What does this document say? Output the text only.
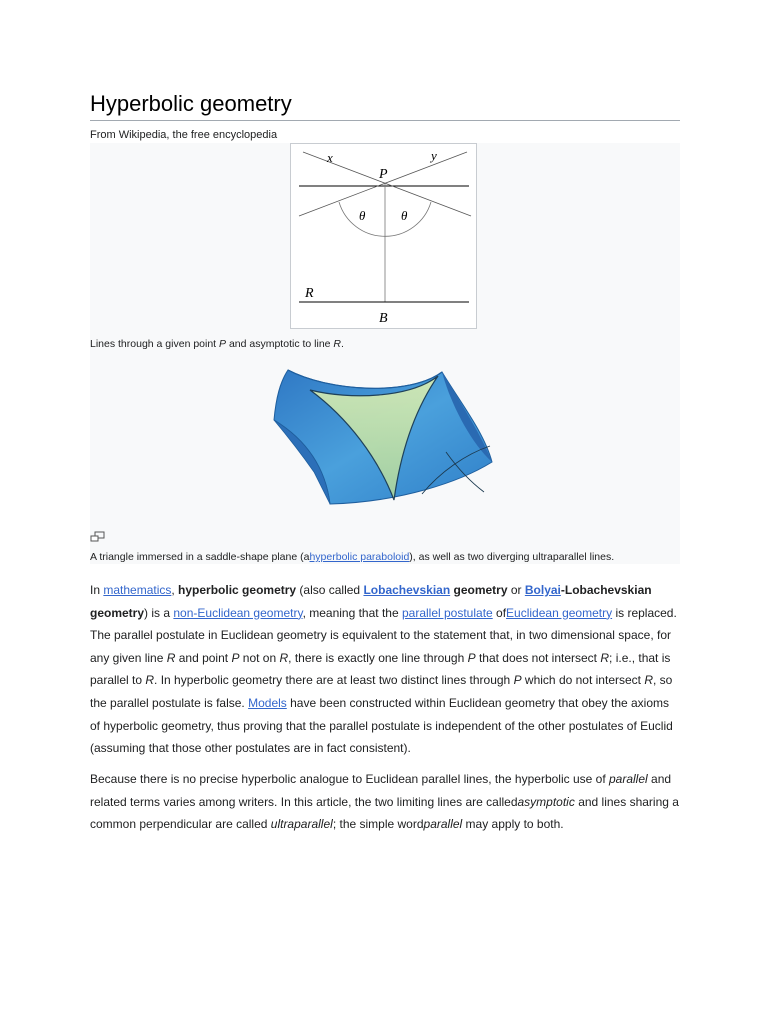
Hyperbolic geometry
From Wikipedia, the free encyclopedia
x	y
P
θ	θ
R
B
Lines through a given point P and asymptotic to line R.
A triangle immersed in a saddle-shape plane (ahyperbolic paraboloid), as well as two diverging ultraparallel lines.
In mathematics, hyperbolic geometry (also called Lobachevskian geometry or Bolyai-Lobachevskian geometry) is a non-Euclidean geometry, meaning that the parallel postulate ofEuclidean geometry is replaced. The parallel postulate in Euclidean geometry is equivalent to the statement that, in two dimensional space, for any given line R and point P not on R, there is exactly one line through P that does not intersect R; i.e., that is parallel to R. In hyperbolic geometry there are at least two distinct lines through P which do not intersect R, so the parallel postulate is false. Models have been constructed within Euclidean geometry that obey the axioms of hyperbolic geometry, thus proving that the parallel postulate is independent of the other postulates of Euclid (assuming that those other postulates are in fact consistent).
Because there is no precise hyperbolic analogue to Euclidean parallel lines, the hyperbolic use of parallel and related terms varies among writers. In this article, the two limiting lines are calledasymptotic and lines sharing a common perpendicular are called ultraparallel; the simple wordparallel may apply to both.
